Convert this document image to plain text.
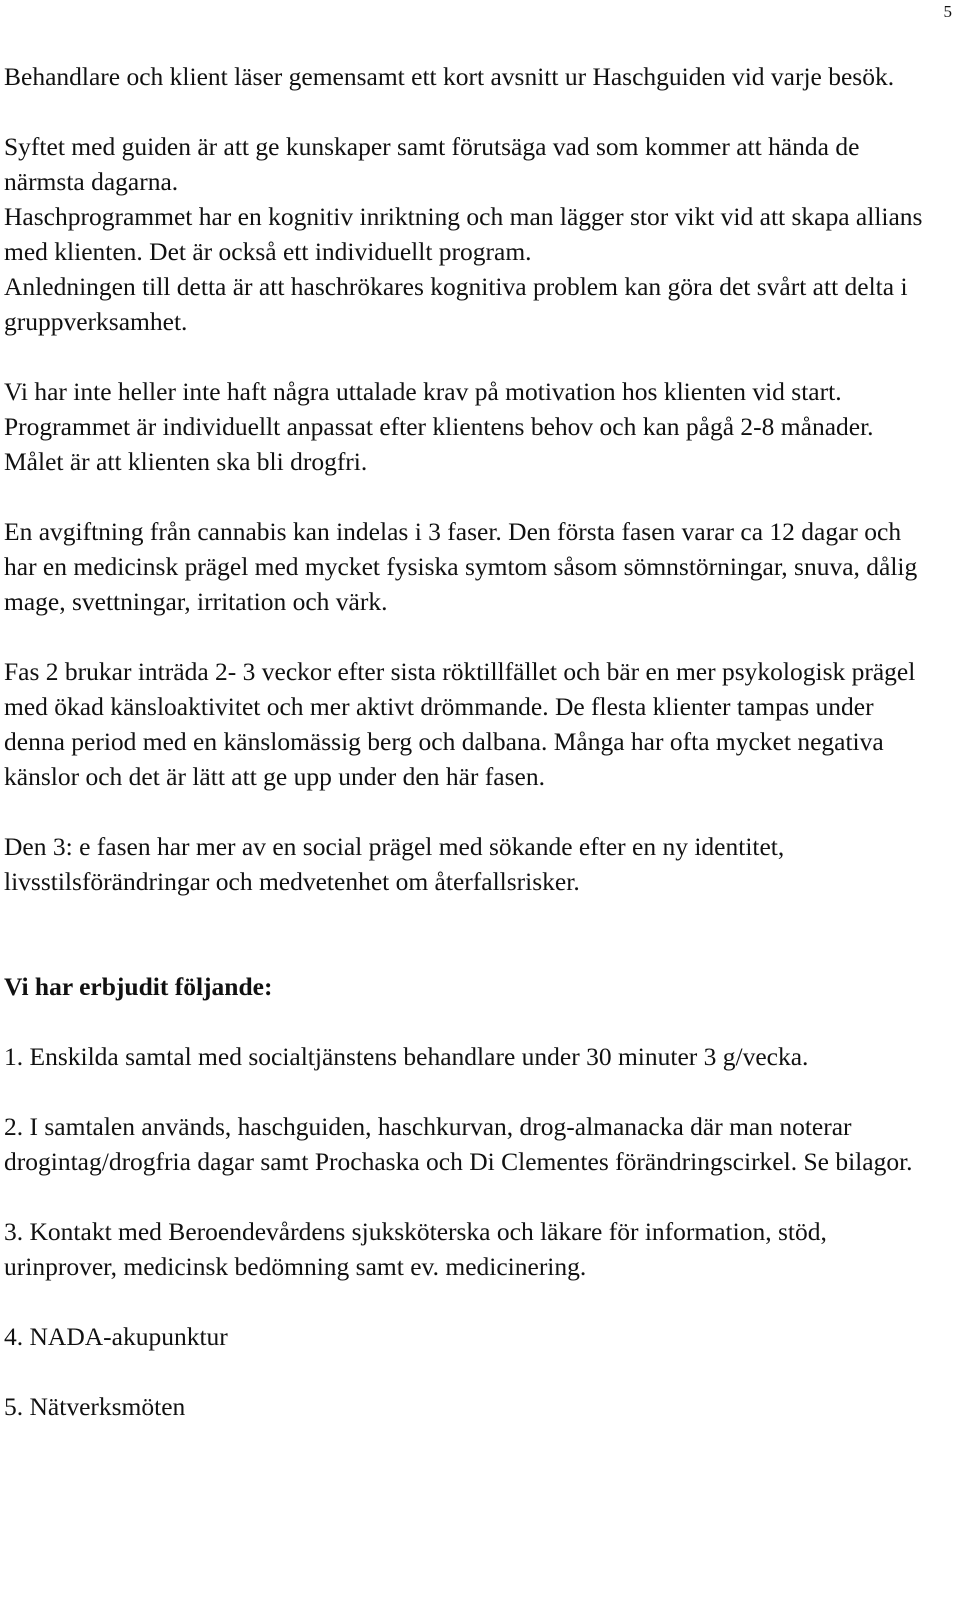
5

Behandlare och klient läser gemensamt ett kort avsnitt ur Haschguiden vid varje besök.

Syftet med guiden är att ge kunskaper samt förutsäga vad som kommer att hända de närmsta dagarna.

Haschprogrammet har en kognitiv inriktning och man lägger stor vikt vid att skapa allians med klienten. Det är också ett individuellt program.

Anledningen till detta är att haschrökares kognitiva problem kan göra det svårt att delta i gruppverksamhet.

Vi har inte heller inte haft några uttalade krav på motivation hos klienten vid start. Programmet är individuellt anpassat efter klientens behov och kan pågå 2-8 månader. Målet är att klienten ska bli drogfri.

En avgiftning från cannabis kan indelas i 3 faser. Den första fasen varar ca 12 dagar och har en medicinsk prägel med mycket fysiska symtom såsom sömnstörningar, snuva, dålig mage, svettningar, irritation och värk.

Fas 2 brukar inträda 2- 3 veckor efter sista röktillfället och bär en mer psykologisk prägel med ökad känsloaktivitet och mer aktivt drömmande. De flesta klienter tampas under denna period med en känslomässig berg och dalbana. Många har ofta mycket negativa känslor och det är lätt att ge upp under den här fasen.

Den 3: e fasen har mer av en social prägel med sökande efter en ny identitet, livsstilsförändringar och medvetenhet om återfallsrisker.

Vi har erbjudit följande:

1. Enskilda samtal med socialtjänstens behandlare under 30 minuter 3 g/vecka.

2. I samtalen används, haschguiden, haschkurvan, drog-almanacka där man noterar drogintag/drogfria dagar samt Prochaska och Di Clementes förändringscirkel. Se bilagor.

3. Kontakt med Beroendevårdens sjuksköterska och läkare för information, stöd, urinprover, medicinsk bedömning samt ev. medicinering.

4. NADA-akupunktur

5. Nätverksmöten
